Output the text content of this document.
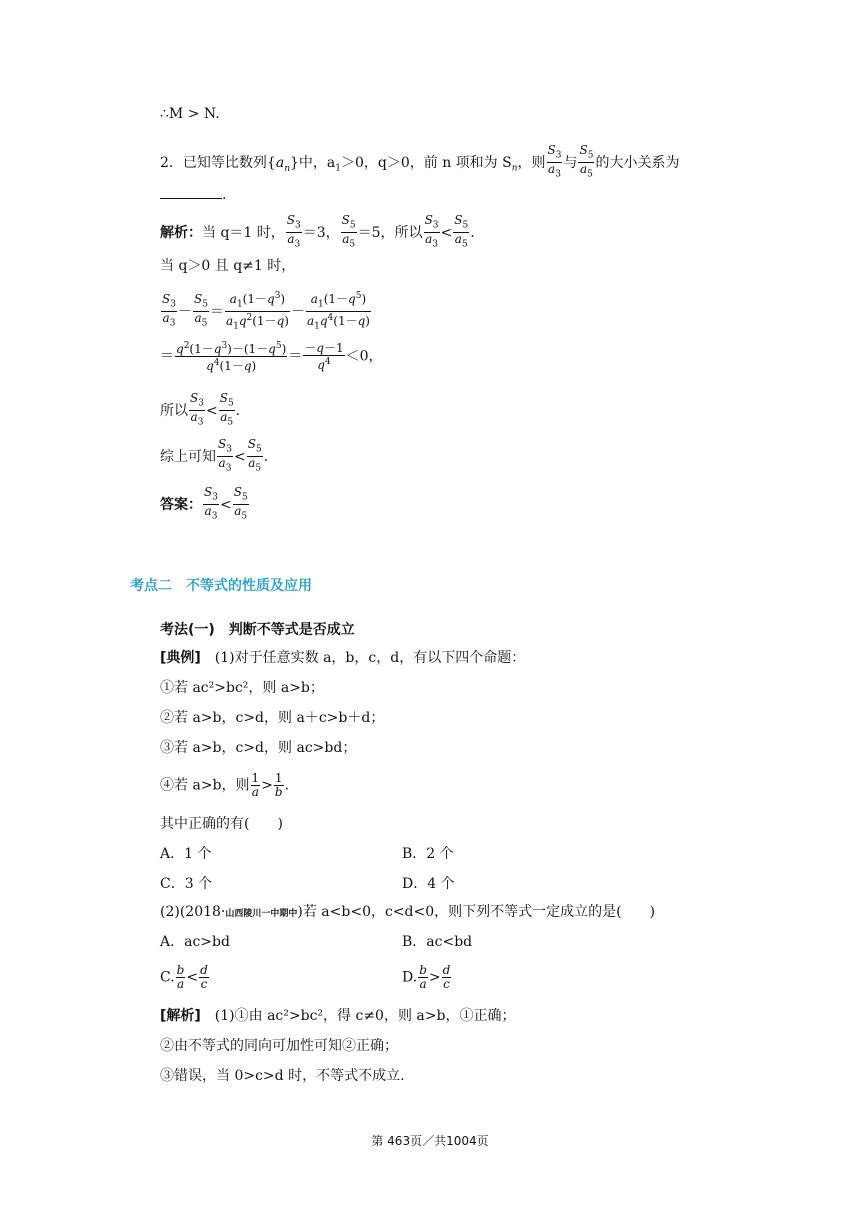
∴M > N.
2．已知等比数列$\{a_n\}$中，$a_1>0$，q＞0，前 n 项和为 $S_n$，则 $\frac{S_3}{a_3}$ 与 $\frac{S_5}{a_5}$ 的大小关系为
.
解析：当 q＝1 时， $\frac{S_3}{a_3} =3$， $\frac{S_5}{a_5} =5$，所以 $\frac{S_3}{a_3} < \frac{S_5}{a_5}$ .
当 q＞0 且 q≠1 时，
$\frac{S_3}{a_3} - \frac{S_5}{a_5} = \frac{a_1(1-q^3)}{a_1q^2(1-q)} - \frac{a_1(1-q^5)}{a_1q^4(1-q)}$
＝ $\frac{q^2(1-q^3)-(1-q^5)}{q^4(1-q)} = \frac{-q-1}{q^4} <0$，
所以 $\frac{S_3}{a_3} < \frac{S_5}{a_5}$ .
综上可知 $\frac{S_3}{a_3} < \frac{S_5}{a_5}$ .
答案： $\frac{S_3}{a_3} < \frac{S_5}{a_5}$
考点二　不等式的性质及应用
考法(一)　判断不等式是否成立
[典例]　(1)对于任意实数 a，b，c，d，有以下四个命题：
①若 ac²>bc²，则 a>b；
②若 a>b，c>d，则 a＋c>b＋d；
③若 a>b，c>d，则 ac>bd；
④若 a>b，则 $\frac{1}{a} > \frac{1}{b}$ .
其中正确的有(　　)
A．1 个	B．2 个
C．3 个	D．4 个
(2)(2018·山西陵川一中期中)若 a<b<0，c<d<0，则下列不等式一定成立的是(　　)
A．ac>bd	B．ac<bd
C. $\frac{b}{a} < \frac{d}{c}$	D. $\frac{b}{a} > \frac{d}{c}$
[解析]　(1)①由 ac²>bc²，得 c≠0，则 a>b，①正确；
②由不等式的同向可加性可知②正确；
③错误，当 0>c>d 时，不等式不成立.
第 463页／共1004页
